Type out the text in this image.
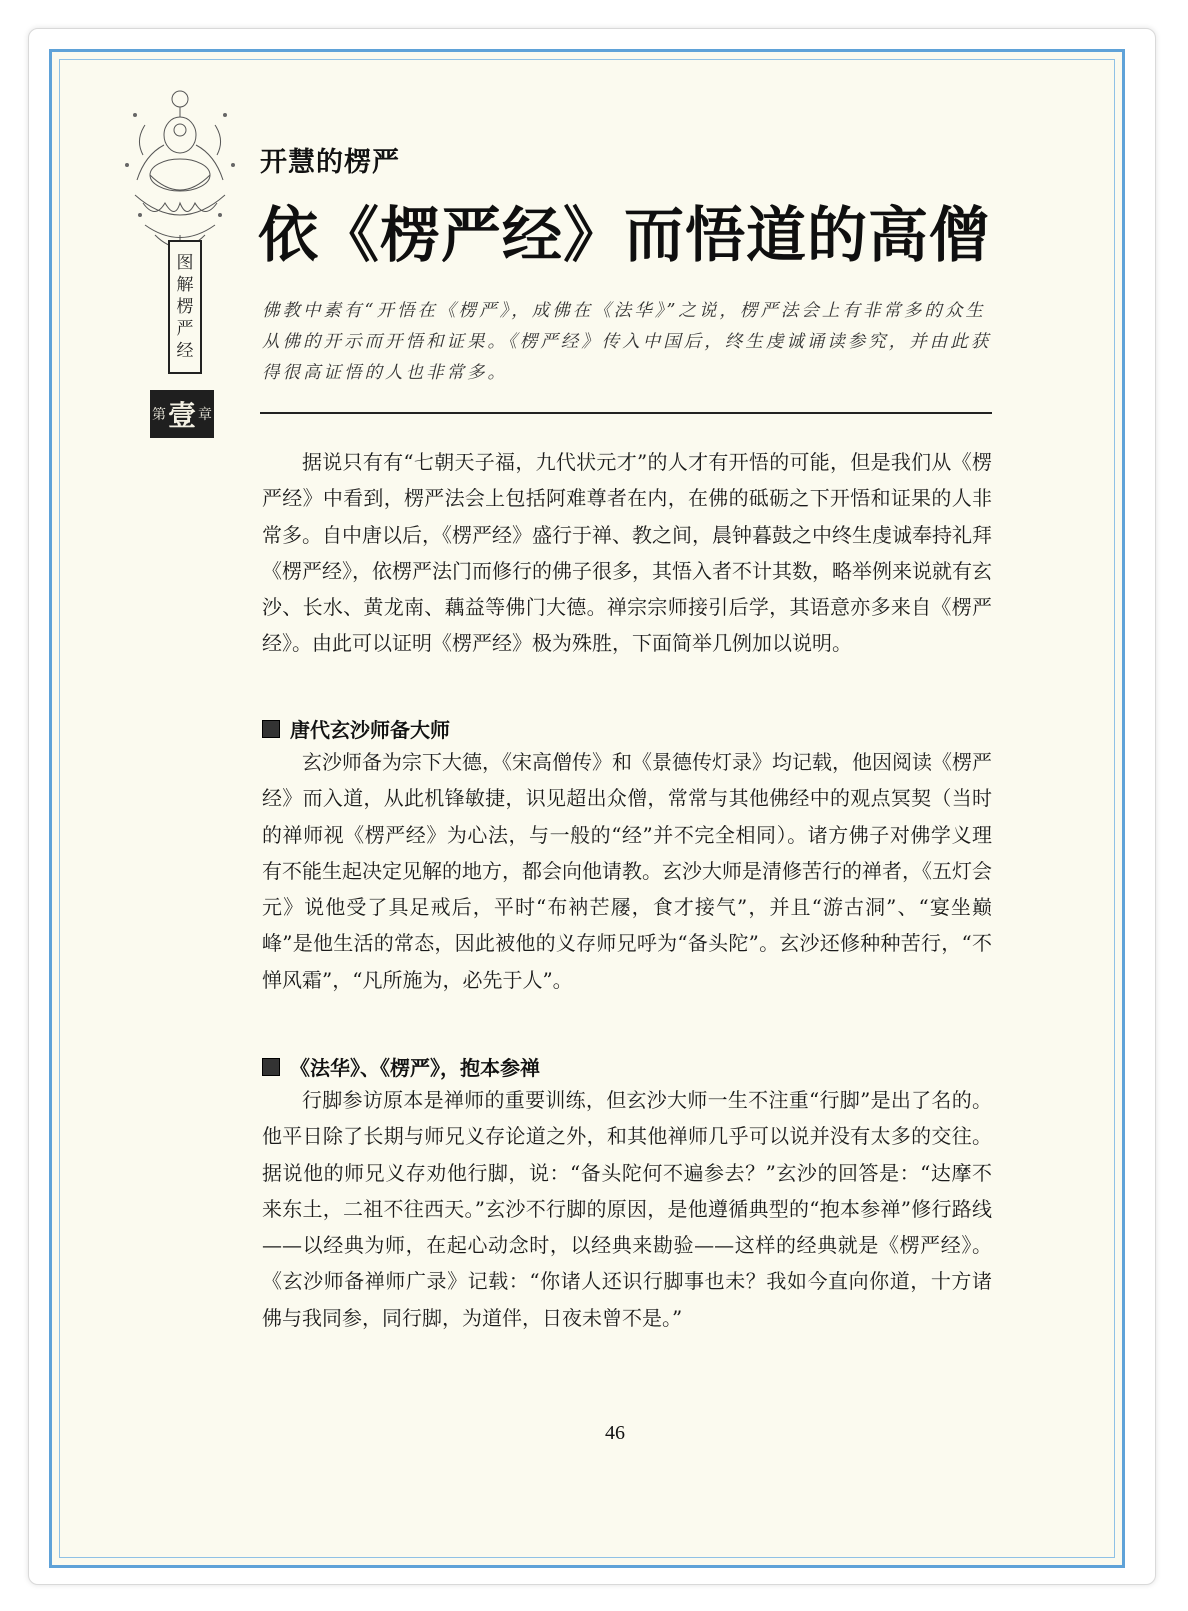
图
解
楞
严
经
第 壹 章
开慧的楞严
依《楞严经》而悟道的高僧
佛教中素有“开悟在《楞严》，成佛在《法华》”之说，楞严法会上有非常多的众生从佛的开示而开悟和证果。《楞严经》传入中国后，终生虔诚诵读参究，并由此获得很高证悟的人也非常多。

据说只有有“七朝天子福，九代状元才”的人才有开悟的可能，但是我们从《楞严经》中看到，楞严法会上包括阿难尊者在内，在佛的砥砺之下开悟和证果的人非常多。自中唐以后，《楞严经》盛行于禅、教之间，晨钟暮鼓之中终生虔诚奉持礼拜《楞严经》，依楞严法门而修行的佛子很多，其悟入者不计其数，略举例来说就有玄沙、长水、黄龙南、藕益等佛门大德。禅宗宗师接引后学，其语意亦多来自《楞严经》。由此可以证明《楞严经》极为殊胜，下面简举几例加以说明。

唐代玄沙师备大师

玄沙师备为宗下大德，《宋高僧传》和《景德传灯录》均记载，他因阅读《楞严经》而入道，从此机锋敏捷，识见超出众僧，常常与其他佛经中的观点冥契（当时的禅师视《楞严经》为心法，与一般的“经”并不完全相同）。诸方佛子对佛学义理有不能生起决定见解的地方，都会向他请教。玄沙大师是清修苦行的禅者，《五灯会元》说他受了具足戒后，平时“布衲芒屦，食才接气”，并且“游古洞”、“宴坐巅峰”是他生活的常态，因此被他的义存师兄呼为“备头陀”。玄沙还修种种苦行，“不惮风霜”，“凡所施为，必先于人”。

《法华》、《楞严》，抱本参禅

行脚参访原本是禅师的重要训练，但玄沙大师一生不注重“行脚”是出了名的。他平日除了长期与师兄义存论道之外，和其他禅师几乎可以说并没有太多的交往。据说他的师兄义存劝他行脚，说：“备头陀何不遍参去？”玄沙的回答是：“达摩不来东土，二祖不往西天。”玄沙不行脚的原因，是他遵循典型的“抱本参禅”修行路线——以经典为师，在起心动念时，以经典来勘验——这样的经典就是《楞严经》。《玄沙师备禅师广录》记载：“你诸人还识行脚事也未？我如今直向你道，十方诸佛与我同参，同行脚，为道伴，日夜未曾不是。”

46
